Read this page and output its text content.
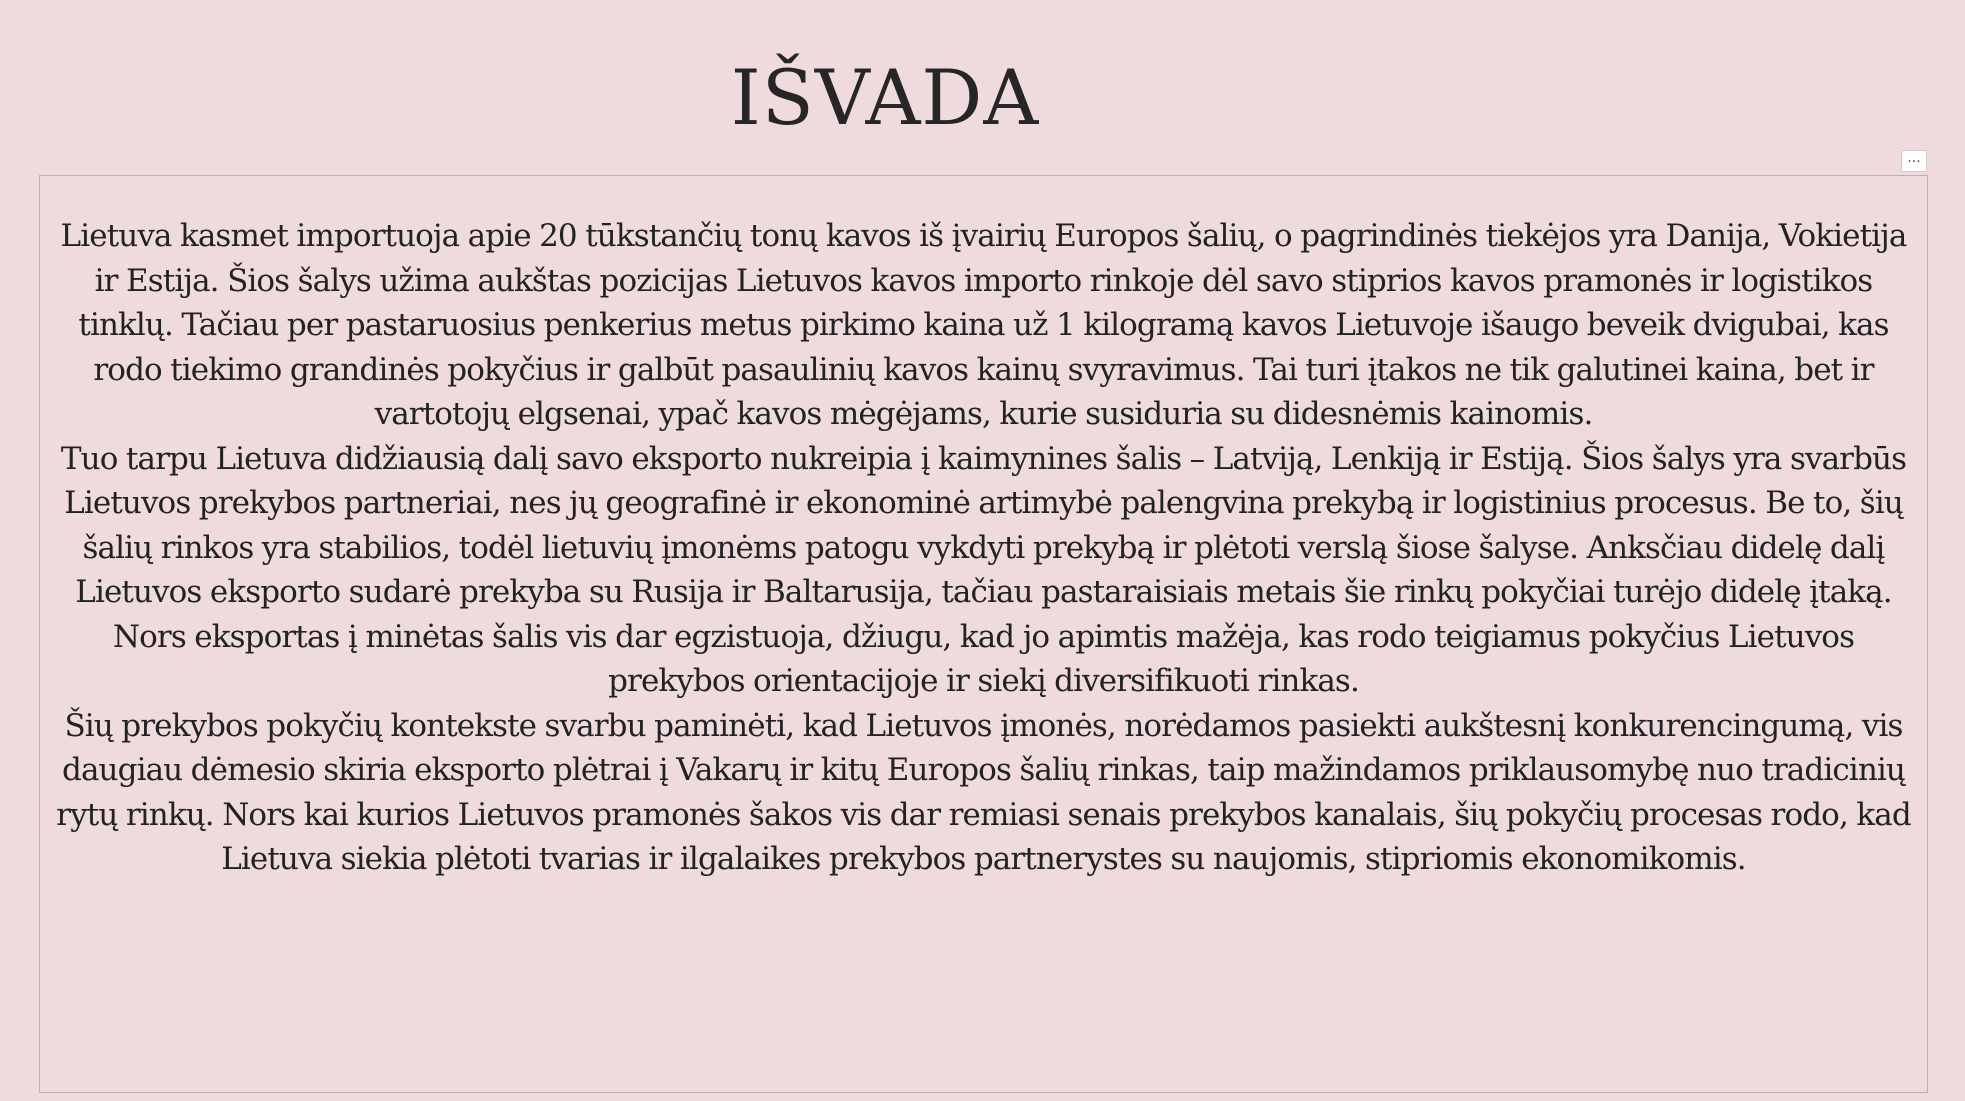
IŠVADA
...

Lietuva kasmet importuoja apie 20 tūkstančių tonų kavos iš įvairių Europos šalių, o pagrindinės tiekėjos yra Danija, Vokietija ir Estija. Šios šalys užima aukštas pozicijas Lietuvos kavos importo rinkoje dėl savo stiprios kavos pramonės ir logistikos tinklų. Tačiau per pastaruosius penkerius metus pirkimo kaina už 1 kilogramą kavos Lietuvoje išaugo beveik dvigubai, kas rodo tiekimo grandinės pokyčius ir galbūt pasaulinių kavos kainų svyravimus. Tai turi įtakos ne tik galutinei kaina, bet ir vartotojų elgsenai, ypač kavos mėgėjams, kurie susiduria su didesnėmis kainomis.

Tuo tarpu Lietuva didžiausią dalį savo eksporto nukreipia į kaimynines šalis – Latviją, Lenkiją ir Estiją. Šios šalys yra svarbūs Lietuvos prekybos partneriai, nes jų geografinė ir ekonominė artimybė palengvina prekybą ir logistinius procesus. Be to, šių šalių rinkos yra stabilios, todėl lietuvių įmonėms patogu vykdyti prekybą ir plėtoti verslą šiose šalyse. Anksčiau didelę dalį Lietuvos eksporto sudarė prekyba su Rusija ir Baltarusija, tačiau pastaraisiais metais šie rinkų pokyčiai turėjo didelę įtaką. Nors eksportas į minėtas šalis vis dar egzistuoja, džiugu, kad jo apimtis mažėja, kas rodo teigiamus pokyčius Lietuvos prekybos orientacijoje ir siekį diversifikuoti rinkas.

Šių prekybos pokyčių kontekste svarbu paminėti, kad Lietuvos įmonės, norėdamos pasiekti aukštesnį konkurencingumą, vis daugiau dėmesio skiria eksporto plėtrai į Vakarų ir kitų Europos šalių rinkas, taip mažindamos priklausomybę nuo tradicinių rytų rinkų. Nors kai kurios Lietuvos pramonės šakos vis dar remiasi senais prekybos kanalais, šių pokyčių procesas rodo, kad Lietuva siekia plėtoti tvarias ir ilgalaikes prekybos partnerystes su naujomis, stipriomis ekonomikomis.
